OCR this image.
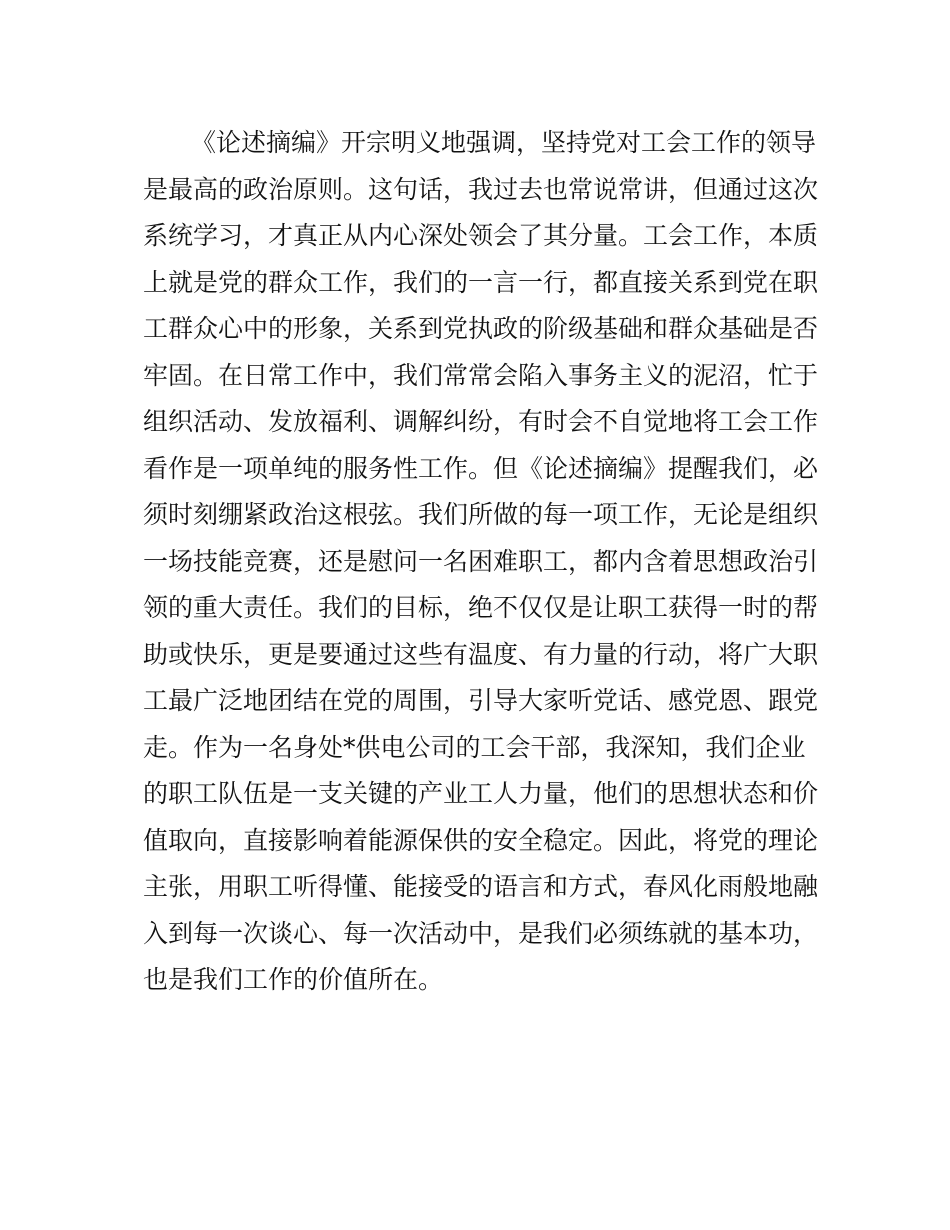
《论述摘编》开宗明义地强调，坚持党对工会工作的领导
是最高的政治原则。这句话，我过去也常说常讲，但通过这次
系统学习，才真正从内心深处领会了其分量。工会工作，本质
上就是党的群众工作，我们的一言一行，都直接关系到党在职
工群众心中的形象，关系到党执政的阶级基础和群众基础是否
牢固。在日常工作中，我们常常会陷入事务主义的泥沼，忙于
组织活动、发放福利、调解纠纷，有时会不自觉地将工会工作
看作是一项单纯的服务性工作。但《论述摘编》提醒我们，必
须时刻绷紧政治这根弦。我们所做的每一项工作，无论是组织
一场技能竞赛，还是慰问一名困难职工，都内含着思想政治引
领的重大责任。我们的目标，绝不仅仅是让职工获得一时的帮
助或快乐，更是要通过这些有温度、有力量的行动，将广大职
工最广泛地团结在党的周围，引导大家听党话、感党恩、跟党
走。作为一名身处*供电公司的工会干部，我深知，我们企业
的职工队伍是一支关键的产业工人力量，他们的思想状态和价
值取向，直接影响着能源保供的安全稳定。因此，将党的理论
主张，用职工听得懂、能接受的语言和方式，春风化雨般地融
入到每一次谈心、每一次活动中，是我们必须练就的基本功，
也是我们工作的价值所在。
